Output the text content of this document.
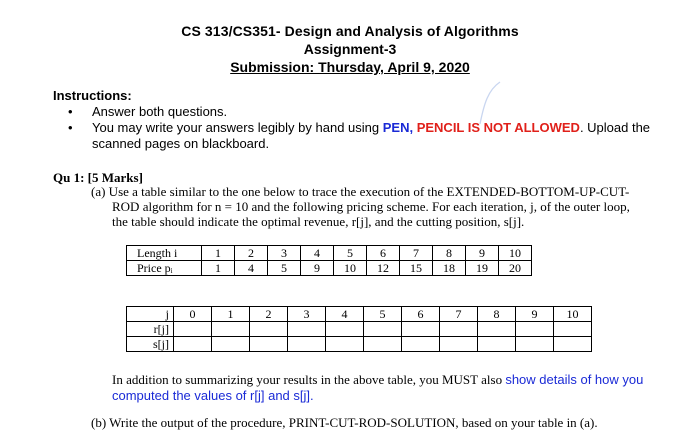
CS 313/CS351- Design and Analysis of Algorithms
Assignment-3
Submission: Thursday, April 9, 2020
Instructions:
• Answer both questions.
• You may write your answers legibly by hand using PEN, PENCIL IS NOT ALLOWED. Upload the scanned pages on blackboard.
Qu 1: [5 Marks]
(a) Use a table similar to the one below to trace the execution of the EXTENDED-BOTTOM-UP-CUT-
ROD algorithm for n = 10 and the following pricing scheme. For each iteration, j, of the outer loop,
the table should indicate the optimal revenue, r[j], and the cutting position, s[j].
Length i	1	2	3	4	5	6	7	8	9	10
Price pᵢ	1	4	5	9	10	12	15	18	19	20
j	0	1	2	3	4	5	6	7	8	9	10
r[j]											
s[j]											
In addition to summarizing your results in the above table, you MUST also show details of how you computed the values of r[j] and s[j].
(b) Write the output of the procedure, PRINT-CUT-ROD-SOLUTION, based on your table in (a).
